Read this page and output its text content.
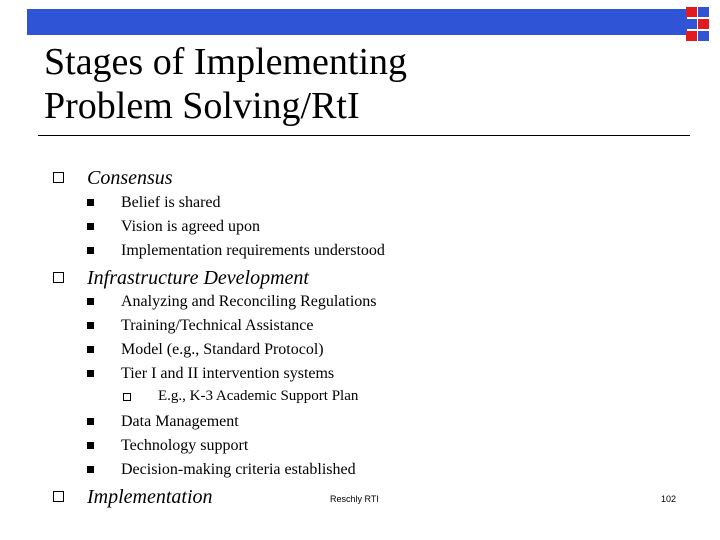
Stages of Implementing
Problem Solving/RtI
Consensus
Belief is shared
Vision is agreed upon
Implementation requirements understood
Infrastructure Development
Analyzing and Reconciling Regulations
Training/Technical Assistance
Model (e.g., Standard Protocol)
Tier I and II intervention systems
E.g., K-3 Academic Support Plan
Data Management
Technology support
Decision-making criteria established
Implementation	Reschly RTI	102
